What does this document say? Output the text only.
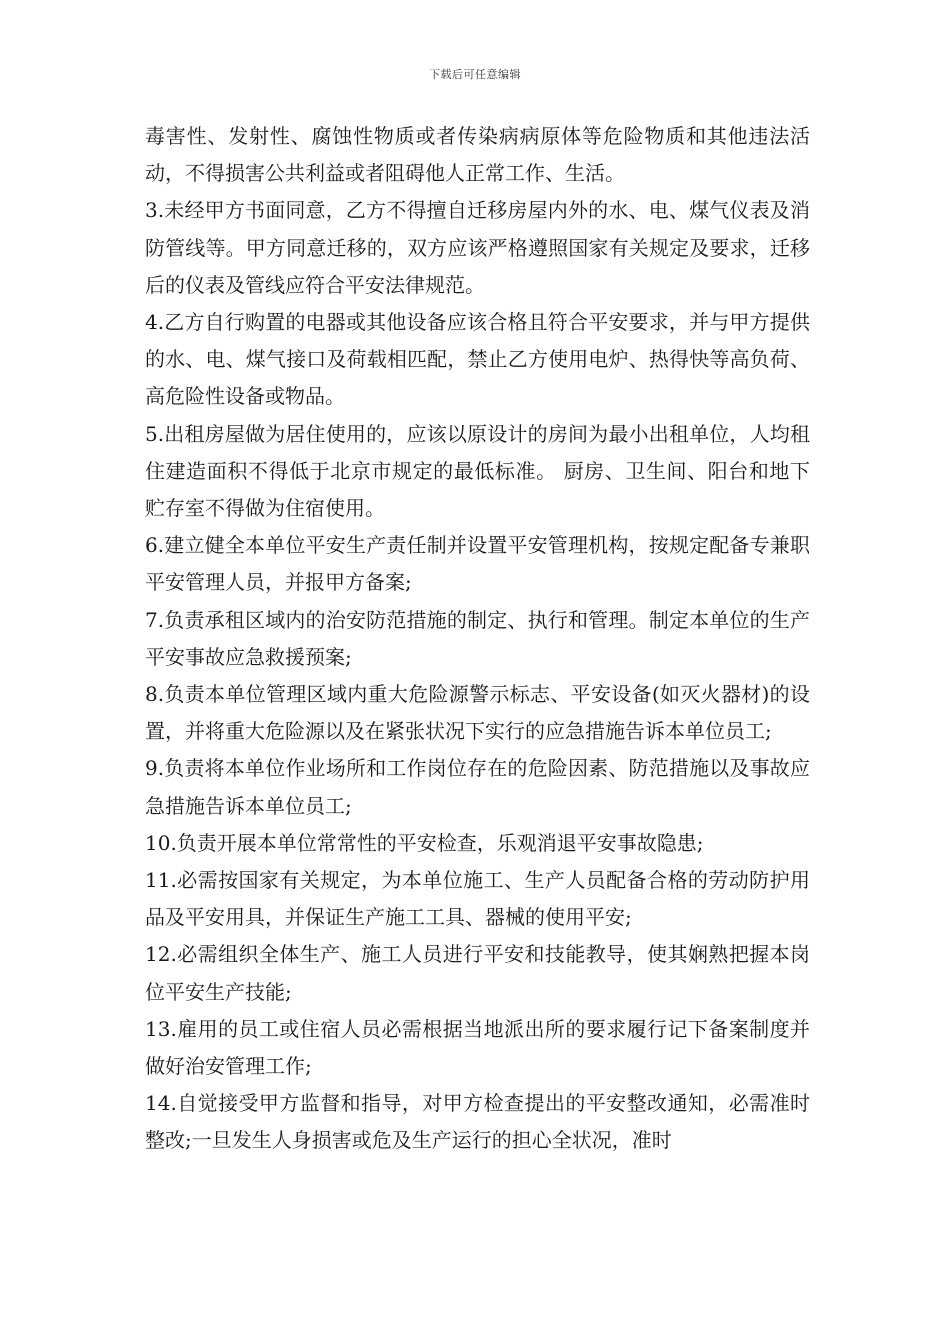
下载后可任意编辑

毒害性、发射性、腐蚀性物质或者传染病病原体等危险物质和其他违法活动，不得损害公共利益或者阻碍他人正常工作、生活。

3.未经甲方书面同意，乙方不得擅自迁移房屋内外的水、电、煤气仪表及消防管线等。甲方同意迁移的，双方应该严格遵照国家有关规定及要求，迁移后的仪表及管线应符合平安法律规范。

4.乙方自行购置的电器或其他设备应该合格且符合平安要求，并与甲方提供的水、电、煤气接口及荷载相匹配，禁止乙方使用电炉、热得快等高负荷、高危险性设备或物品。

5.出租房屋做为居住使用的，应该以原设计的房间为最小出租单位，人均租住建造面积不得低于北京市规定的最低标准。 厨房、卫生间、阳台和地下贮存室不得做为住宿使用。

6.建立健全本单位平安生产责任制并设置平安管理机构，按规定配备专兼职平安管理人员，并报甲方备案;

7.负责承租区域内的治安防范措施的制定、执行和管理。制定本单位的生产平安事故应急救援预案;

8.负责本单位管理区域内重大危险源警示标志、平安设备(如灭火器材)的设置，并将重大危险源以及在紧张状况下实行的应急措施告诉本单位员工;

9.负责将本单位作业场所和工作岗位存在的危险因素、防范措施以及事故应急措施告诉本单位员工;

10.负责开展本单位常常性的平安检查，乐观消退平安事故隐患;

11.必需按国家有关规定，为本单位施工、生产人员配备合格的劳动防护用品及平安用具，并保证生产施工工具、器械的使用平安;

12.必需组织全体生产、施工人员进行平安和技能教导，使其娴熟把握本岗位平安生产技能;

13.雇用的员工或住宿人员必需根据当地派出所的要求履行记下备案制度并做好治安管理工作;

14.自觉接受甲方监督和指导，对甲方检查提出的平安整改通知，必需准时整改;一旦发生人身损害或危及生产运行的担心全状况，准时
